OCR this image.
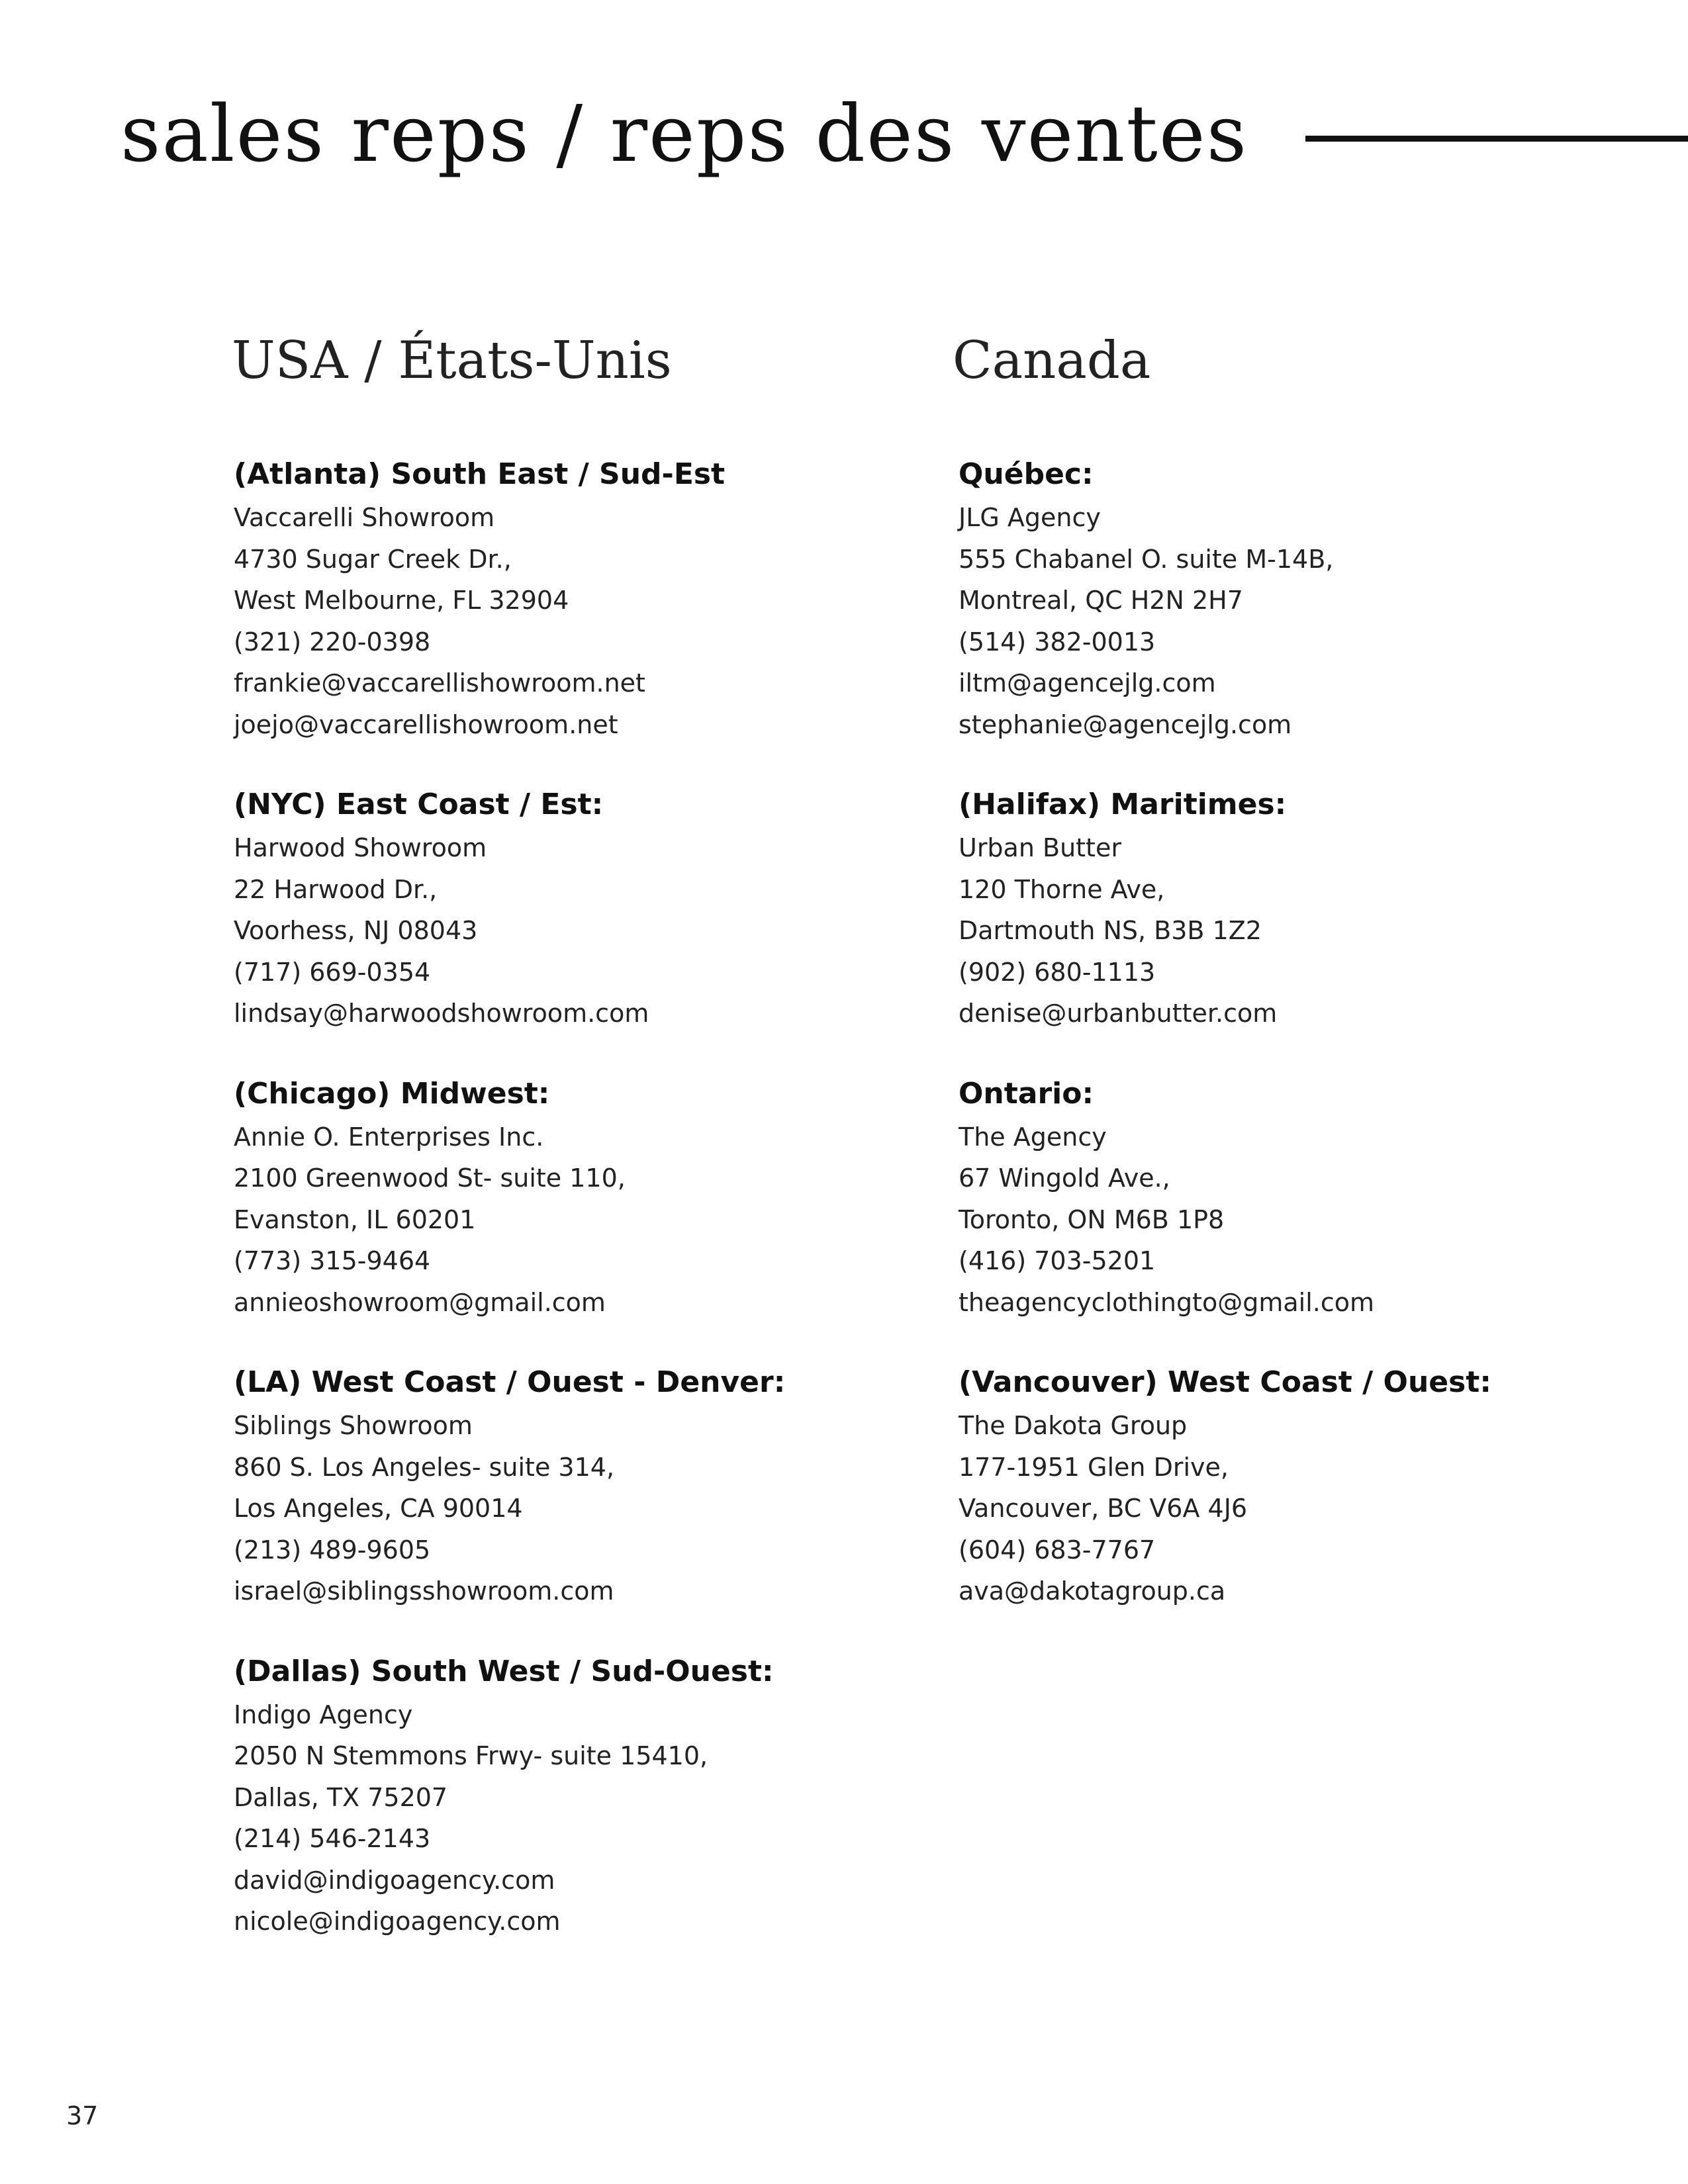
sales reps / reps des ventes
USA / États-Unis
(Atlanta) South East / Sud-Est
Vaccarelli Showroom
4730 Sugar Creek Dr.,
West Melbourne, FL 32904
(321) 220-0398
frankie@vaccarellishowroom.net
joejo@vaccarellishowroom.net
(NYC) East Coast / Est:
Harwood Showroom
22 Harwood Dr.,
Voorhess, NJ 08043
(717) 669-0354
lindsay@harwoodshowroom.com
(Chicago) Midwest:
Annie O. Enterprises Inc.
2100 Greenwood St- suite 110,
Evanston, IL 60201
(773) 315-9464
annieoshowroom@gmail.com
(LA) West Coast / Ouest - Denver:
Siblings Showroom
860 S. Los Angeles- suite 314,
Los Angeles, CA 90014
(213) 489-9605
israel@siblingsshowroom.com
(Dallas) South West / Sud-Ouest:
Indigo Agency
2050 N Stemmons Frwy- suite 15410,
Dallas, TX 75207
(214) 546-2143
david@indigoagency.com
nicole@indigoagency.com
Canada
Québec:
JLG Agency
555 Chabanel O. suite M-14B,
Montreal, QC H2N 2H7
(514) 382-0013
iltm@agencejlg.com
stephanie@agencejlg.com
(Halifax) Maritimes:
Urban Butter
120 Thorne Ave,
Dartmouth NS, B3B 1Z2
(902) 680-1113
denise@urbanbutter.com
Ontario:
The Agency
67 Wingold Ave.,
Toronto, ON M6B 1P8
(416) 703-5201
theagencyclothingto@gmail.com
(Vancouver) West Coast / Ouest:
The Dakota Group
177-1951 Glen Drive,
Vancouver, BC V6A 4J6
(604) 683-7767
ava@dakotagroup.ca
37
